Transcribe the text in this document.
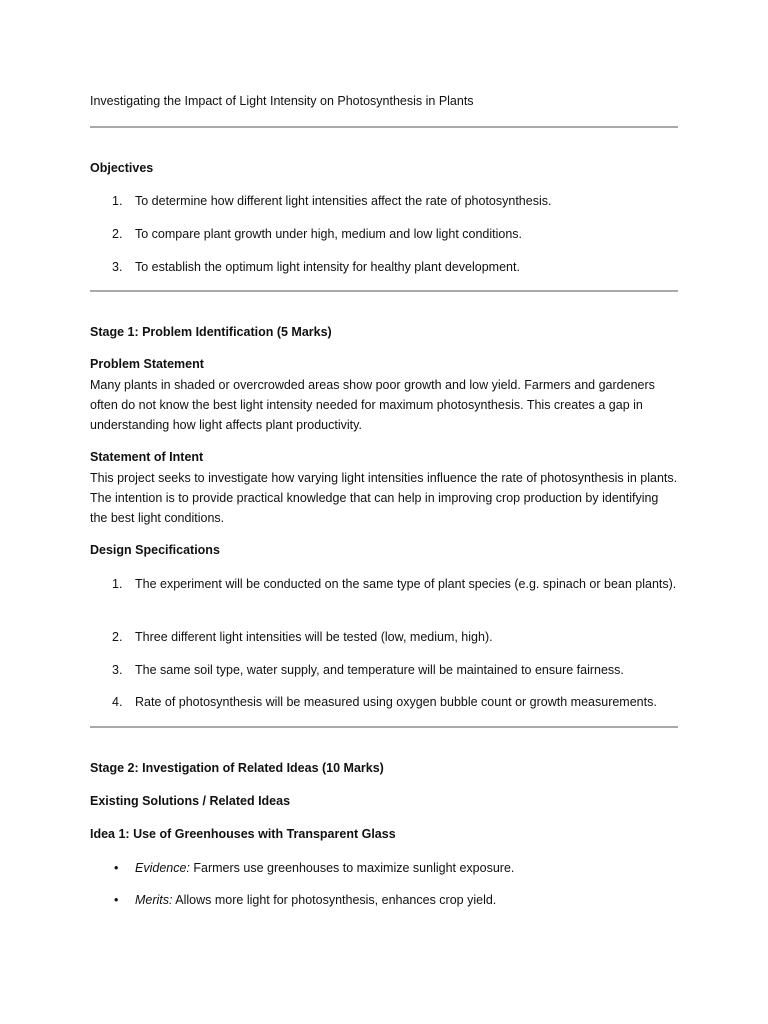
Investigating the Impact of Light Intensity on Photosynthesis in Plants
Objectives
1. To determine how different light intensities affect the rate of photosynthesis.
2. To compare plant growth under high, medium and low light conditions.
3. To establish the optimum light intensity for healthy plant development.
Stage 1: Problem Identification (5 Marks)
Problem Statement
Many plants in shaded or overcrowded areas show poor growth and low yield. Farmers and gardeners often do not know the best light intensity needed for maximum photosynthesis. This creates a gap in understanding how light affects plant productivity.
Statement of Intent
This project seeks to investigate how varying light intensities influence the rate of photosynthesis in plants. The intention is to provide practical knowledge that can help in improving crop production by identifying the best light conditions.
Design Specifications
1. The experiment will be conducted on the same type of plant species (e.g. spinach or bean plants).
2. Three different light intensities will be tested (low, medium, high).
3. The same soil type, water supply, and temperature will be maintained to ensure fairness.
4. Rate of photosynthesis will be measured using oxygen bubble count or growth measurements.
Stage 2: Investigation of Related Ideas (10 Marks)
Existing Solutions / Related Ideas
Idea 1: Use of Greenhouses with Transparent Glass
• Evidence: Farmers use greenhouses to maximize sunlight exposure.
• Merits: Allows more light for photosynthesis, enhances crop yield.
